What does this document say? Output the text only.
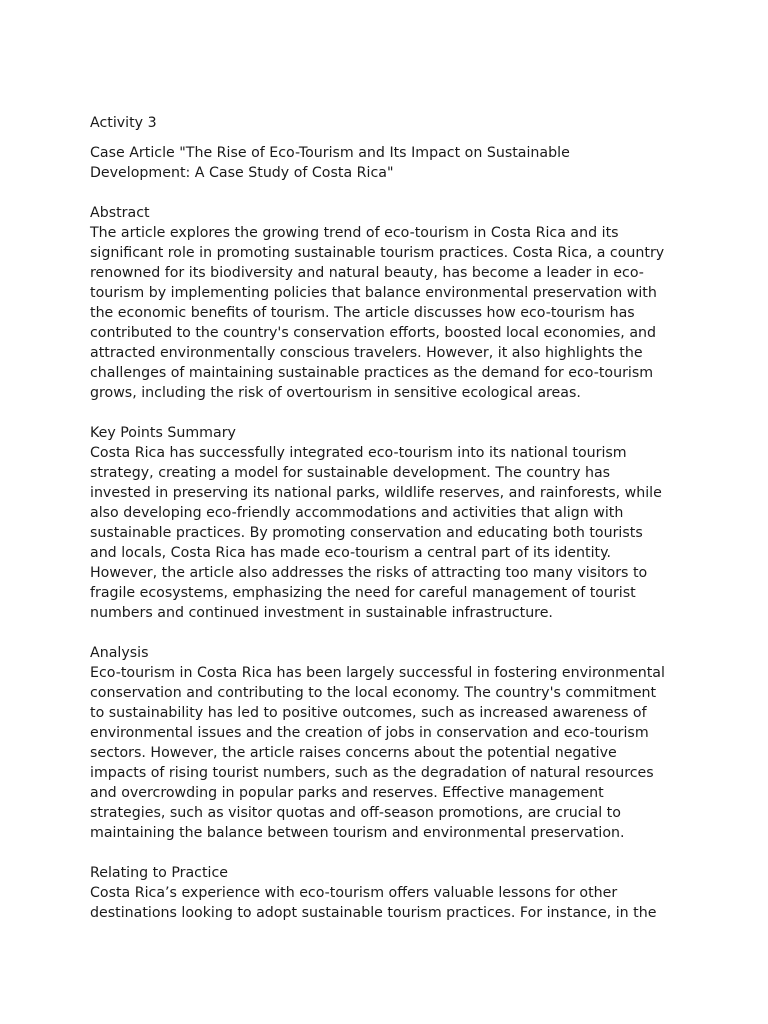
Activity 3
Case Article "The Rise of Eco-Tourism and Its Impact on Sustainable
Development: A Case Study of Costa Rica"
Abstract
The article explores the growing trend of eco-tourism in Costa Rica and its
significant role in promoting sustainable tourism practices. Costa Rica, a country
renowned for its biodiversity and natural beauty, has become a leader in eco-
tourism by implementing policies that balance environmental preservation with
the economic benefits of tourism. The article discusses how eco-tourism has
contributed to the country's conservation efforts, boosted local economies, and
attracted environmentally conscious travelers. However, it also highlights the
challenges of maintaining sustainable practices as the demand for eco-tourism
grows, including the risk of overtourism in sensitive ecological areas.
Key Points Summary
Costa Rica has successfully integrated eco-tourism into its national tourism
strategy, creating a model for sustainable development. The country has
invested in preserving its national parks, wildlife reserves, and rainforests, while
also developing eco-friendly accommodations and activities that align with
sustainable practices. By promoting conservation and educating both tourists
and locals, Costa Rica has made eco-tourism a central part of its identity.
However, the article also addresses the risks of attracting too many visitors to
fragile ecosystems, emphasizing the need for careful management of tourist
numbers and continued investment in sustainable infrastructure.
Analysis
Eco-tourism in Costa Rica has been largely successful in fostering environmental
conservation and contributing to the local economy. The country's commitment
to sustainability has led to positive outcomes, such as increased awareness of
environmental issues and the creation of jobs in conservation and eco-tourism
sectors. However, the article raises concerns about the potential negative
impacts of rising tourist numbers, such as the degradation of natural resources
and overcrowding in popular parks and reserves. Effective management
strategies, such as visitor quotas and off-season promotions, are crucial to
maintaining the balance between tourism and environmental preservation.
Relating to Practice
Costa Rica’s experience with eco-tourism offers valuable lessons for other
destinations looking to adopt sustainable tourism practices. For instance, in the
